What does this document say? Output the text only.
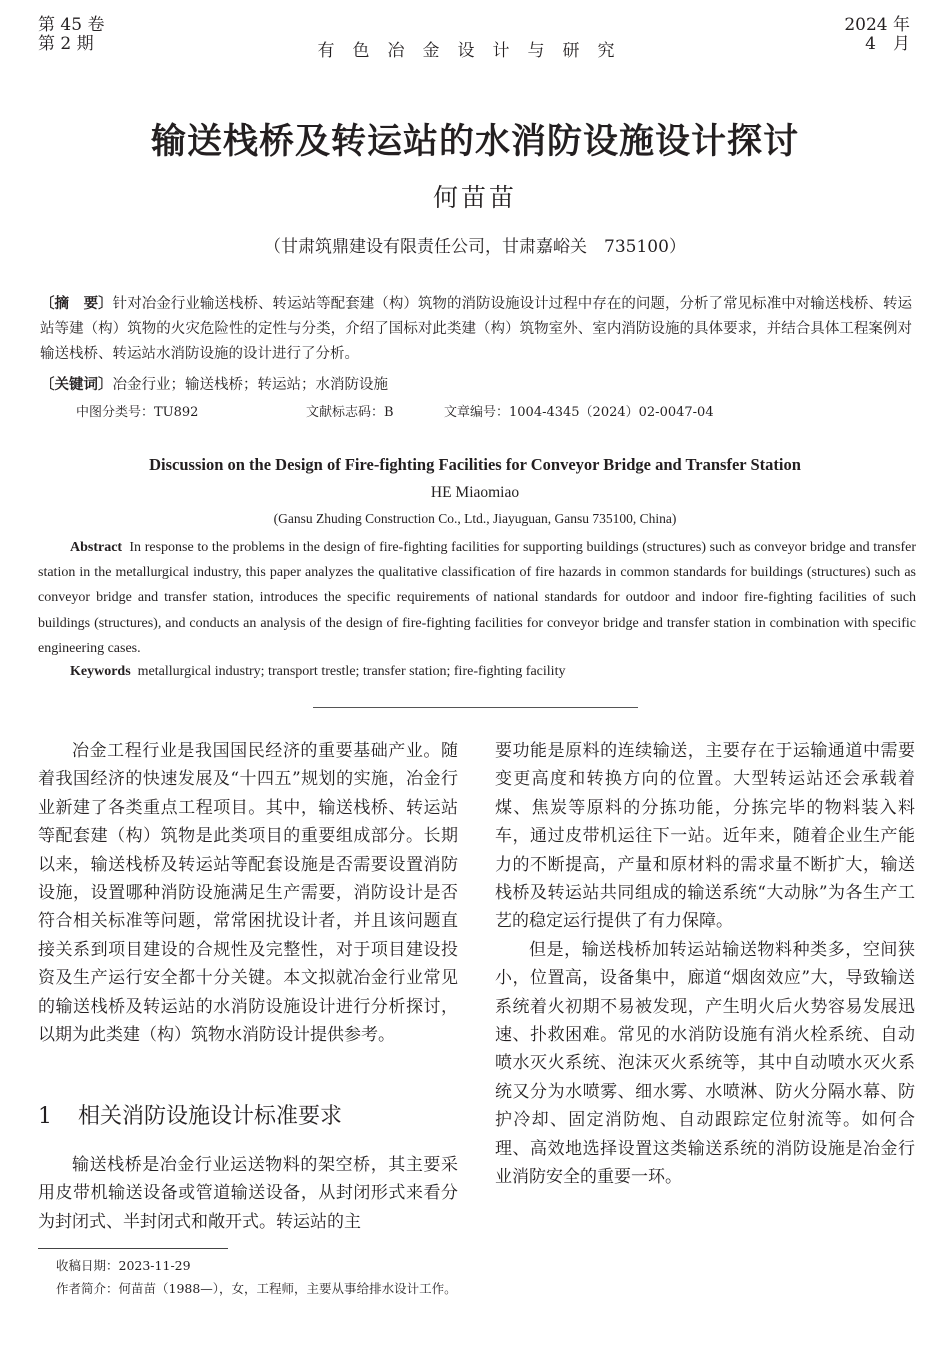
第 45 卷
第 2 期	有色冶金设计与研究
2024 年
4　月
输送栈桥及转运站的水消防设施设计探讨
何苗苗
（甘肃筑鼎建设有限责任公司，甘肃嘉峪关　735100）
〔摘　要〕针对冶金行业输送栈桥、转运站等配套建（构）筑物的消防设施设计过程中存在的问题，分析了常见标准中对输送栈桥、转运站等建（构）筑物的火灾危险性的定性与分类，介绍了国标对此类建（构）筑物室外、室内消防设施的具体要求，并结合具体工程案例对输送栈桥、转运站水消防设施的设计进行了分析。
〔关键词〕冶金行业；输送栈桥；转运站；水消防设施
中图分类号：TU892	文献标志码：B	文章编号：1004-4345（2024）02-0047-04
Discussion on the Design of Fire-fighting Facilities for Conveyor Bridge and Transfer Station
HE Miaomiao
(Gansu Zhuding Construction Co., Ltd., Jiayuguan, Gansu 735100, China)
Abstract In response to the problems in the design of fire-fighting facilities for supporting buildings (structures) such as conveyor bridge and transfer station in the metallurgical industry, this paper analyzes the qualitative classification of fire hazards in common standards for buildings (structures) such as conveyor bridge and transfer station, introduces the specific requirements of national standards for outdoor and indoor fire-fighting facilities of such buildings (structures), and conducts an analysis of the design of fire-fighting facilities for conveyor bridge and transfer station in combination with specific engineering cases.
Keywords metallurgical industry; transport trestle; transfer station; fire-fighting facility

冶金工程行业是我国国民经济的重要基础产业。随着我国经济的快速发展及“十四五”规划的实施，冶金行业新建了各类重点工程项目。其中，输送栈桥、转运站等配套建（构）筑物是此类项目的重要组成部分。长期以来，输送栈桥及转运站等配套设施是否需要设置消防设施，设置哪种消防设施满足生产需要，消防设计是否符合相关标准等问题，常常困扰设计者，并且该问题直接关系到项目建设的合规性及完整性，对于项目建设投资及生产运行安全都十分关键。本文拟就冶金行业常见的输送栈桥及转运站的水消防设施设计进行分析探讨，以期为此类建（构）筑物水消防设计提供参考。

1 相关消防设施设计标准要求

输送栈桥是冶金行业运送物料的架空桥，其主要采用皮带机输送设备或管道输送设备，从封闭形式来看分为封闭式、半封闭式和敞开式。转运站的主

要功能是原料的连续输送，主要存在于运输通道中需要变更高度和转换方向的位置。大型转运站还会承载着煤、焦炭等原料的分拣功能，分拣完毕的物料装入料车，通过皮带机运往下一站。近年来，随着企业生产能力的不断提高，产量和原材料的需求量不断扩大，输送栈桥及转运站共同组成的输送系统“大动脉”为各生产工艺的稳定运行提供了有力保障。

但是，输送栈桥加转运站输送物料种类多，空间狭小，位置高，设备集中，廊道“烟囱效应”大，导致输送系统着火初期不易被发现，产生明火后火势容易发展迅速、扑救困难。常见的水消防设施有消火栓系统、自动喷水灭火系统、泡沫灭火系统等，其中自动喷水灭火系统又分为水喷雾、细水雾、水喷淋、防火分隔水幕、防护冷却、固定消防炮、自动跟踪定位射流等。如何合理、高效地选择设置这类输送系统的消防设施是冶金行业消防安全的重要一环。

收稿日期：2023-11-29
作者简介：何苗苗（1988—），女，工程师，主要从事给排水设计工作。
